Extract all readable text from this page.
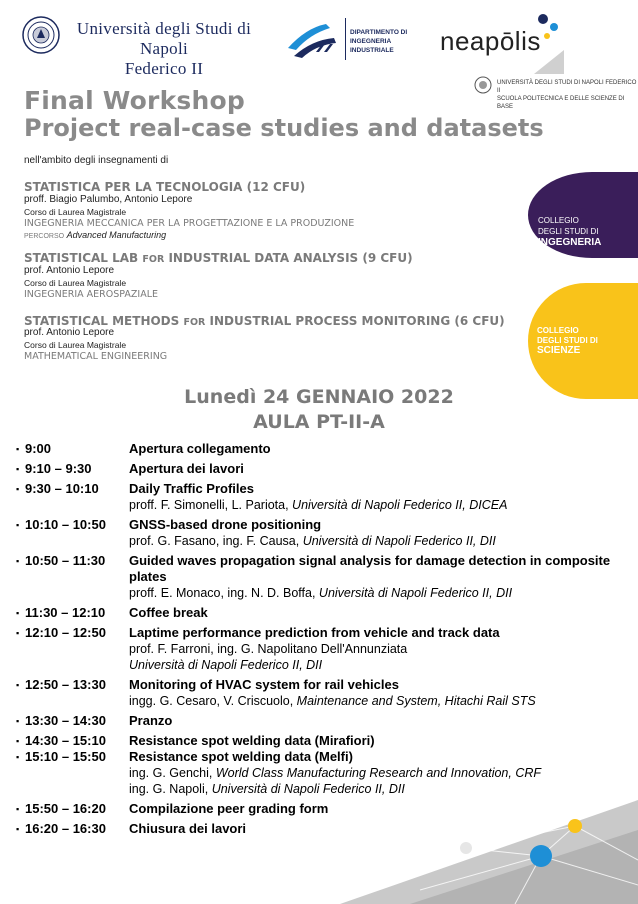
Università degli Studi di Napoli
Federico II
DIPARTIMENTO DI
INGEGNERIA
INDUSTRIALE	neapōlis
UNIVERSITÀ DEGLI STUDI DI NAPOLI FEDERICO II
SCUOLA POLITECNICA E DELLE SCIENZE DI BASE
Final Workshop
Project real-case studies and datasets
nell'ambito degli insegnamenti di
STATISTICA PER LA TECNOLOGIA (12 CFU)
proff. Biagio Palumbo, Antonio Lepore
Corso di Laurea Magistrale
INGEGNERIA MECCANICA PER LA PROGETTAZIONE E LA PRODUZIONE
PERCORSO Advanced Manufacturing
STATISTICAL LAB FOR INDUSTRIAL DATA ANALYSIS (9 CFU)
prof. Antonio Lepore
Corso di Laurea Magistrale
INGEGNERIA AEROSPAZIALE
STATISTICAL METHODS FOR INDUSTRIAL PROCESS MONITORING (6 CFU)
prof. Antonio Lepore
Corso di Laurea Magistrale
MATHEMATICAL ENGINEERING
COLLEGIO
DEGLI STUDI DI
INGEGNERIA
COLLEGIO
DEGLI STUDI DI
SCIENZE
Lunedì 24 GENNAIO 2022
AULA PT-II-A
▪ 9:00	Apertura collegamento
▪ 9:10 – 9:30	Apertura dei lavori
▪ 9:30 – 10:10	Daily Traffic Profiles
proff. F. Simonelli, L. Pariota, Università di Napoli Federico II, DICEA
▪ 10:10 – 10:50	GNSS-based drone positioning
prof. G. Fasano, ing. F. Causa, Università di Napoli Federico II, DII
▪ 10:50 – 11:30	Guided waves propagation signal analysis for damage detection in composite plates
proff. E. Monaco, ing. N. D. Boffa, Università di Napoli Federico II, DII
▪ 11:30 – 12:10	Coffee break
▪ 12:10 – 12:50	Laptime performance prediction from vehicle and track data
prof. F. Farroni, ing. G. Napolitano Dell'Annunziata
Università di Napoli Federico II, DII
▪ 12:50 – 13:30	Monitoring of HVAC system for rail vehicles
ingg. G. Cesaro, V. Criscuolo, Maintenance and System, Hitachi Rail STS
▪ 13:30 – 14:30	Pranzo
▪ 14:30 – 15:10	Resistance spot welding data (Mirafiori)
▪ 15:10 – 15:50	Resistance spot welding data (Melfi)
ing. G. Genchi, World Class Manufacturing Research and Innovation, CRF
ing. G. Napoli, Università di Napoli Federico II, DII
▪ 15:50 – 16:20	Compilazione peer grading form
▪ 16:20 – 16:30	Chiusura dei lavori
